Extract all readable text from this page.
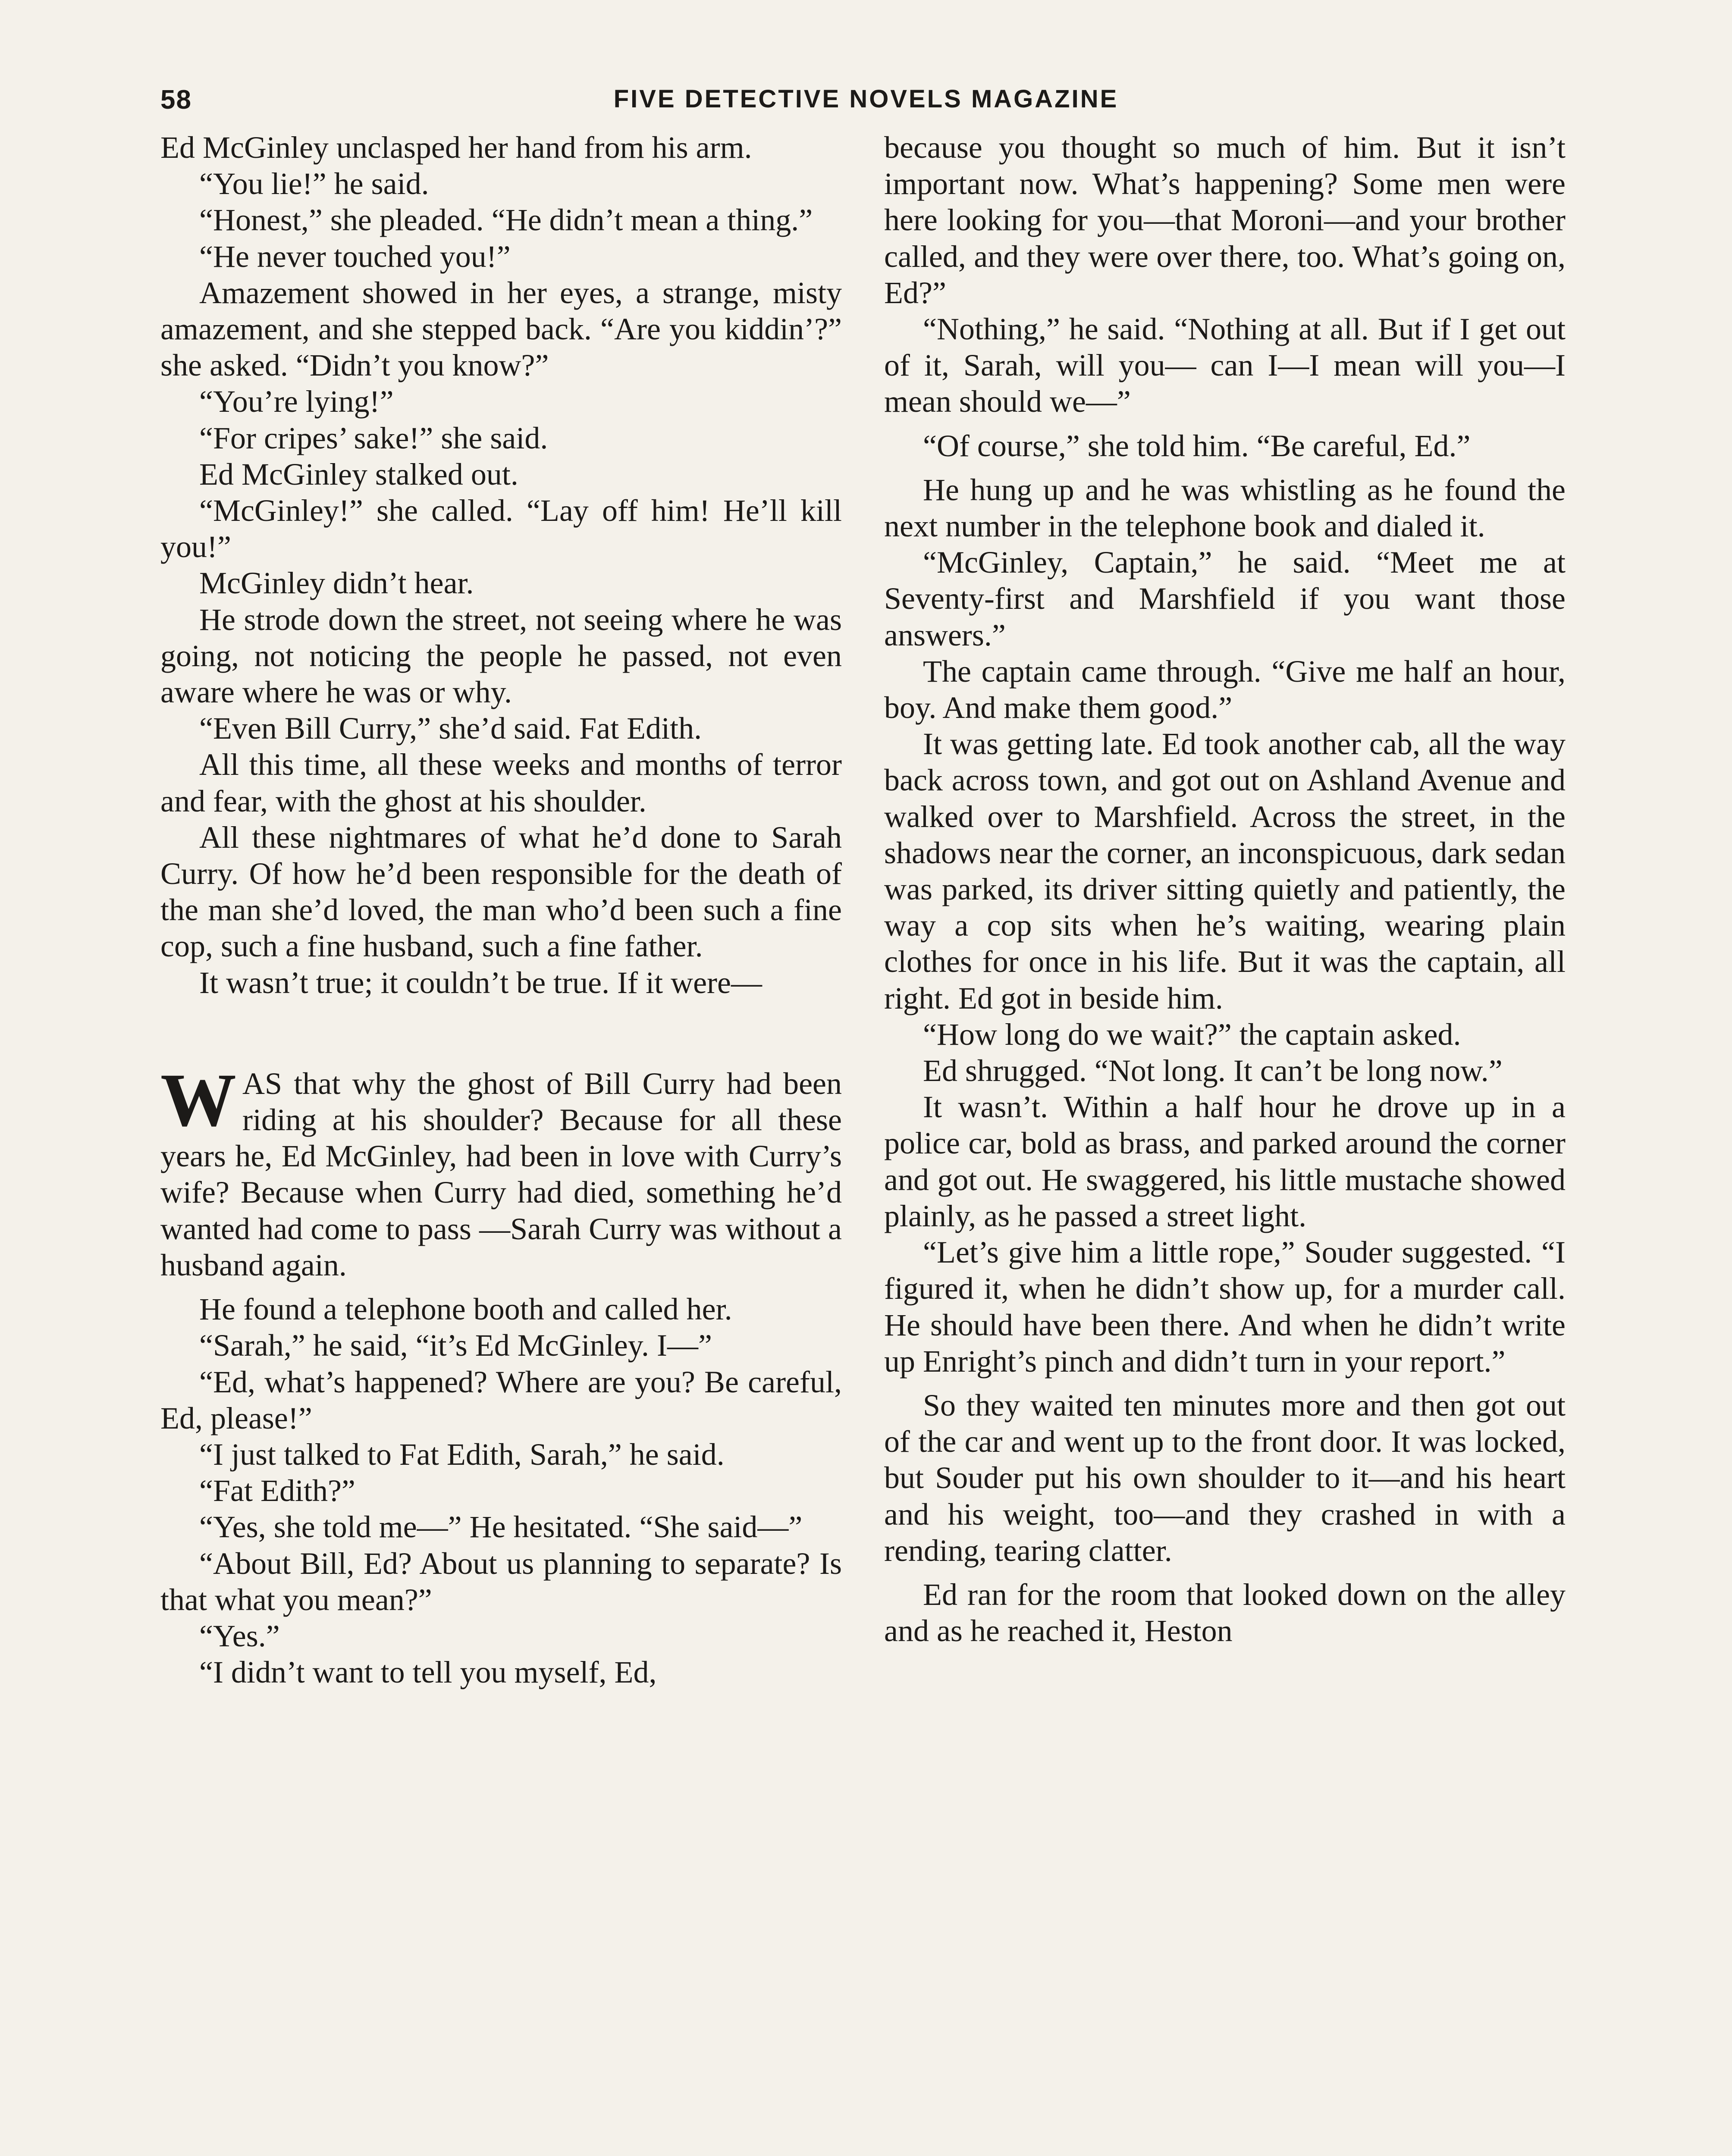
58	FIVE DETECTIVE NOVELS MAGAZINE

Ed McGinley unclasped her hand from his arm.

“You lie!” he said.

“Honest,” she pleaded. “He didn’t mean a thing.”

“He never touched you!”

Amazement showed in her eyes, a strange, misty amazement, and she stepped back. “Are you kiddin’?” she asked. “Didn’t you know?”

“You’re lying!”

“For cripes’ sake!” she said.

Ed McGinley stalked out.

“McGinley!” she called. “Lay off him! He’ll kill you!”

McGinley didn’t hear.

He strode down the street, not seeing where he was going, not noticing the people he passed, not even aware where he was or why.

“Even Bill Curry,” she’d said. Fat Edith.

All this time, all these weeks and months of terror and fear, with the ghost at his shoulder.

All these nightmares of what he’d done to Sarah Curry. Of how he’d been responsible for the death of the man she’d loved, the man who’d been such a fine cop, such a fine husband, such a fine father.

It wasn’t true; it couldn’t be true. If it were—

WAS that why the ghost of Bill Curry had been riding at his shoulder? Because for all these years he, Ed McGinley, had been in love with Curry’s wife? Because when Curry had died, something he’d wanted had come to pass —Sarah Curry was without a husband again.

He found a telephone booth and called her.

“Sarah,” he said, “it’s Ed McGinley. I—”

“Ed, what’s happened? Where are you? Be careful, Ed, please!”

“I just talked to Fat Edith, Sarah,” he said.

“Fat Edith?”

“Yes, she told me—” He hesitated. “She said—”

“About Bill, Ed? About us planning to separate? Is that what you mean?”

“Yes.”

“I didn’t want to tell you myself, Ed,

because you thought so much of him. But it isn’t important now. What’s happening? Some men were here looking for you—that Moroni—and your brother called, and they were over there, too. What’s going on, Ed?”

“Nothing,” he said. “Nothing at all. But if I get out of it, Sarah, will you— can I—I mean will you—I mean should we—”

“Of course,” she told him. “Be careful, Ed.”

He hung up and he was whistling as he found the next number in the telephone book and dialed it.

“McGinley, Captain,” he said. “Meet me at Seventy-first and Marshfield if you want those answers.”

The captain came through. “Give me half an hour, boy. And make them good.”

It was getting late. Ed took another cab, all the way back across town, and got out on Ashland Avenue and walked over to Marshfield. Across the street, in the shadows near the corner, an inconspicuous, dark sedan was parked, its driver sitting quietly and patiently, the way a cop sits when he’s waiting, wearing plain clothes for once in his life. But it was the captain, all right. Ed got in beside him.

“How long do we wait?” the captain asked.

Ed shrugged. “Not long. It can’t be long now.”

It wasn’t. Within a half hour he drove up in a police car, bold as brass, and parked around the corner and got out. He swaggered, his little mustache showed plainly, as he passed a street light.

“Let’s give him a little rope,” Souder suggested. “I figured it, when he didn’t show up, for a murder call. He should have been there. And when he didn’t write up Enright’s pinch and didn’t turn in your report.”

So they waited ten minutes more and then got out of the car and went up to the front door. It was locked, but Souder put his own shoulder to it—and his heart and his weight, too—and they crashed in with a rending, tearing clatter.

Ed ran for the room that looked down on the alley and as he reached it, Heston
